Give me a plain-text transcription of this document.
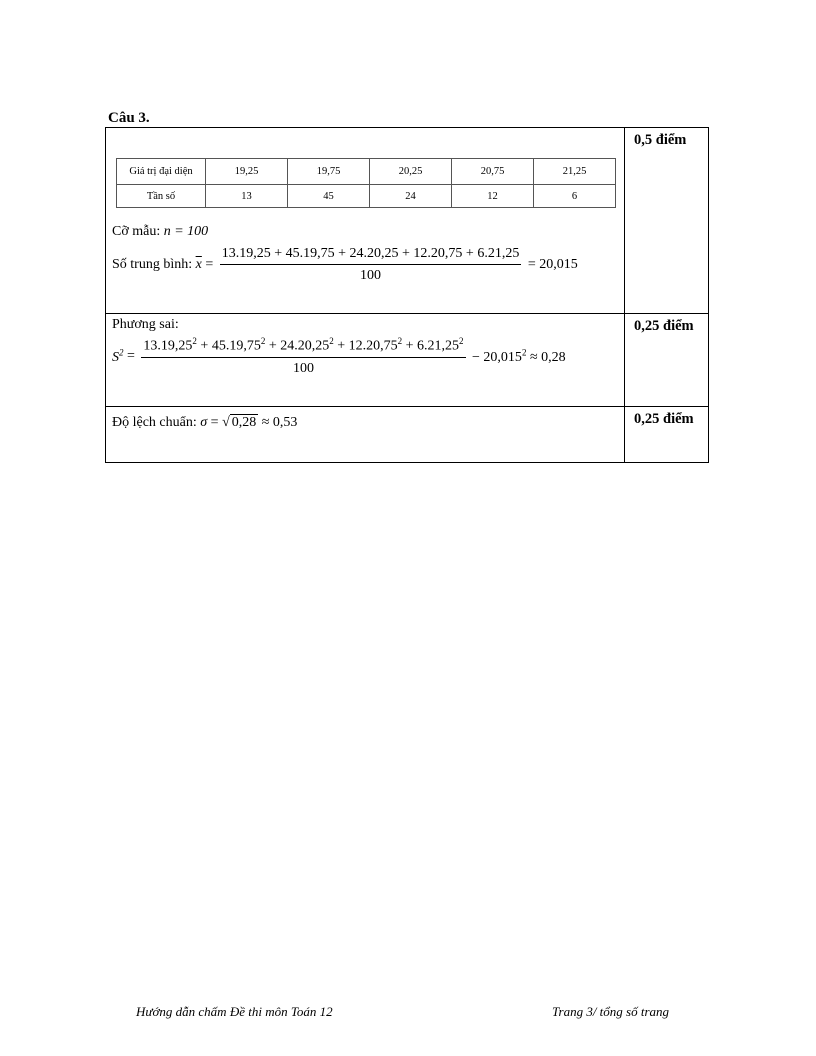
Câu 3.
Giá trị đại diện	19,25	19,75	20,25	20,75	21,25
Tần số	13	45	24	12	6
Cỡ mẫu: n = 100
Số trung bình: $\overline{x} = \frac{13.19,25 + 45.19,75 + 24.20,25 + 12.20,75 + 6.21,25}{100} = 20,015$
0,5 điểm
Phương sai:
$S^2 = \frac{13.19,25^2 + 45.19,75^2 + 24.20,25^2 + 12.20,75^2 + 6.21,25^2}{100} - 20,015^2 \approx 0,28$
0,25 điểm
Độ lệch chuẩn: σ = √ 0,28 ≈ 0,53	0,25 điểm
Hướng dẫn chấm Đề thi môn Toán 12	Trang 3/ tổng số trang
